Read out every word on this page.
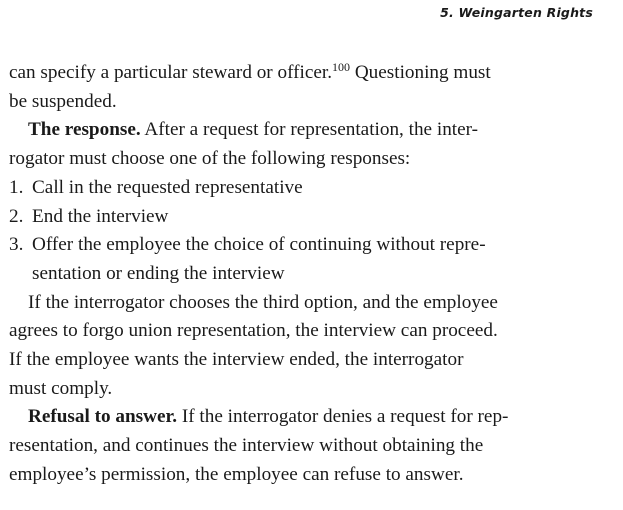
5. Weingarten Rights
can specify a particular steward or officer.$^{100}$ Questioning must
be suspended.
The response. After a request for representation, the inter-
rogator must choose one of the following responses:
1. Call in the requested representative
2. End the interview
3. Offer the employee the choice of continuing without repre-
sentation or ending the interview
If the interrogator chooses the third option, and the employee
agrees to forgo union representation, the interview can proceed.
If the employee wants the interview ended, the interrogator
must comply.
Refusal to answer. If the interrogator denies a request for rep-
resentation, and continues the interview without obtaining the
employee’s permission, the employee can refuse to answer.
